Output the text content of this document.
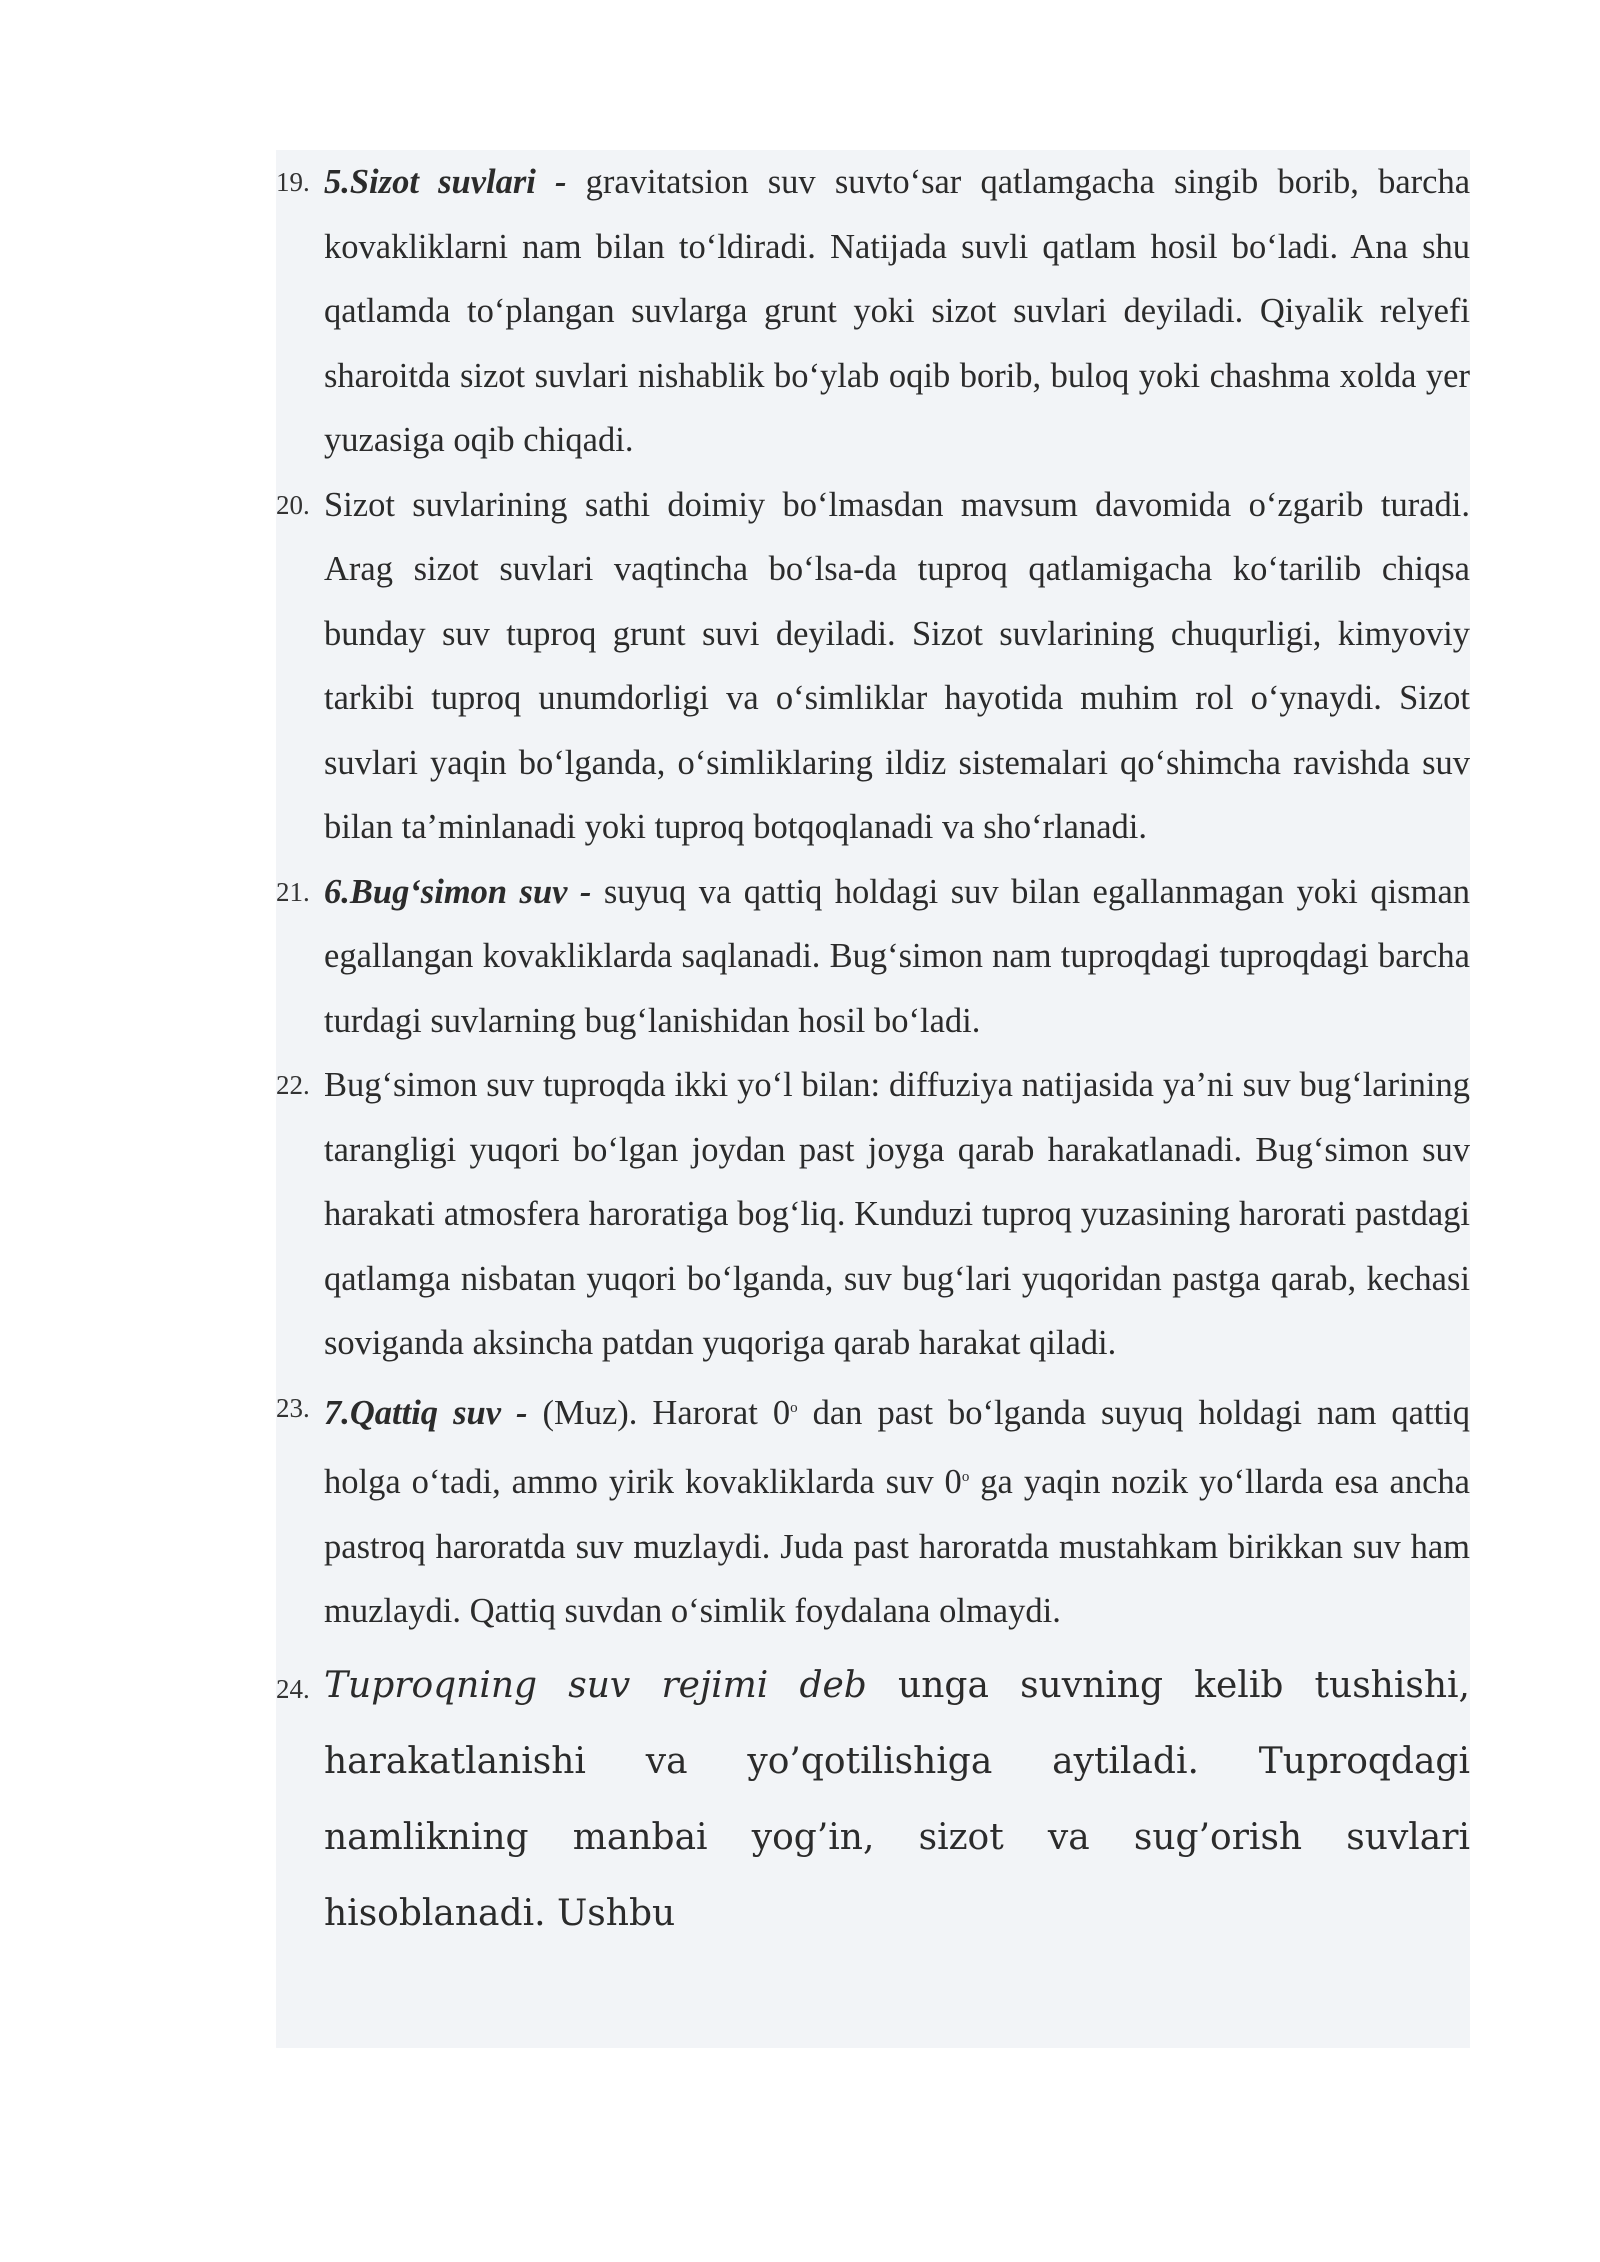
19. 5.Sizot suvlari - gravitatsion suv suvto‘sar qatlamgacha singib borib, barcha kovakliklarni nam bilan to‘ldiradi. Natijada suvli qatlam hosil bo‘ladi. Ana shu qatlamda to‘plangan suvlarga grunt yoki sizot suvlari deyiladi. Qiyalik relyefi sharoitda sizot suvlari nishablik bo‘ylab oqib borib, buloq yoki chashma xolda yer yuzasiga oqib chiqadi.
20. Sizot suvlarining sathi doimiy bo‘lmasdan mavsum davomida o‘zgarib turadi. Arag sizot suvlari vaqtincha bo‘lsa-da tuproq qatlamigacha ko‘tarilib chiqsa bunday suv tuproq grunt suvi deyiladi. Sizot suvlarining chuqurligi, kimyoviy tarkibi tuproq unumdorligi va o‘simliklar hayotida muhim rol o‘ynaydi. Sizot suvlari yaqin bo‘lganda, o‘simliklaring ildiz sistemalari qo‘shimcha ravishda suv bilan ta’minlanadi yoki tuproq botqoqlanadi va sho‘rlanadi.
21. 6.Bug‘simon suv - suyuq va qattiq holdagi suv bilan egallanmagan yoki qisman egallangan kovakliklarda saqlanadi. Bug‘simon nam tuproqdagi tuproqdagi barcha turdagi suvlarning bug‘lanishidan hosil bo‘ladi.
22. Bug‘simon suv tuproqda ikki yo‘l bilan: diffuziya natijasida ya’ni suv bug‘larining tarangligi yuqori bo‘lgan joydan past joyga qarab harakatlanadi. Bug‘simon suv harakati atmosfera haroratiga bog‘liq. Kunduzi tuproq yuzasining harorati pastdagi qatlamga nisbatan yuqori bo‘lganda, suv bug‘lari yuqoridan pastga qarab, kechasi soviganda aksincha patdan yuqoriga qarab harakat qiladi.
23. 7.Qattiq suv - (Muz). Harorat 0$^o$ dan past bo‘lganda suyuq holdagi nam qattiq holga o‘tadi, ammo yirik kovakliklarda suv 0$^o$ ga yaqin nozik yo‘llarda esa ancha pastroq haroratda suv muzlaydi. Juda past haroratda mustahkam birikkan suv ham muzlaydi. Qattiq suvdan o‘simlik foydalana olmaydi.
24. Tuproqning suv rejimi deb unga suvning kelib tushishi, harakatlanishi va yo’qotilishiga aytiladi. Tuproqdagi namlikning manbai yog’in, sizot va sug’orish suvlari hisoblanadi. Ushbu
